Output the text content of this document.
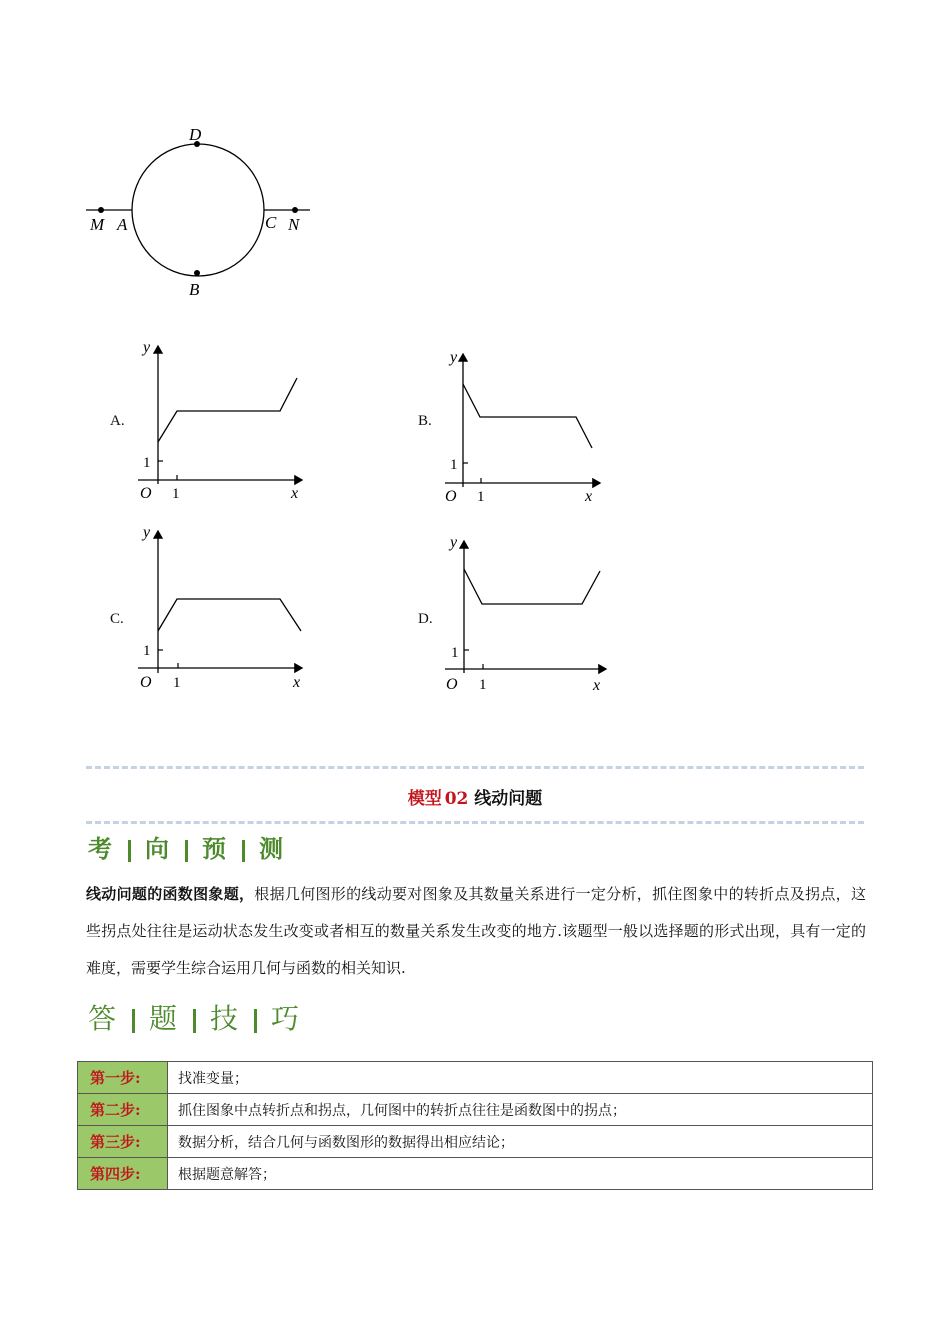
M A	C N
D
B
A.
y
1
O 1	x
B.
y
1
O 1	x
C.
y
1
O 1	x
D.
y
1
O 1	x
模型 02 线动问题
考 向 预 测
线动问题的函数图象题，根据几何图形的线动要对图象及其数量关系进行一定分析，抓住图象中的转折点及拐点，这些拐点处往往是运动状态发生改变或者相互的数量关系发生改变的地方.该题型一般以选择题的形式出现，具有一定的难度，需要学生综合运用几何与函数的相关知识.
答 题 技 巧
第一步:	找准变量；
第二步:	抓住图象中点转折点和拐点，几何图中的转折点往往是函数图中的拐点；
第三步:	数据分析，结合几何与函数图形的数据得出相应结论；
第四步:	根据题意解答；
